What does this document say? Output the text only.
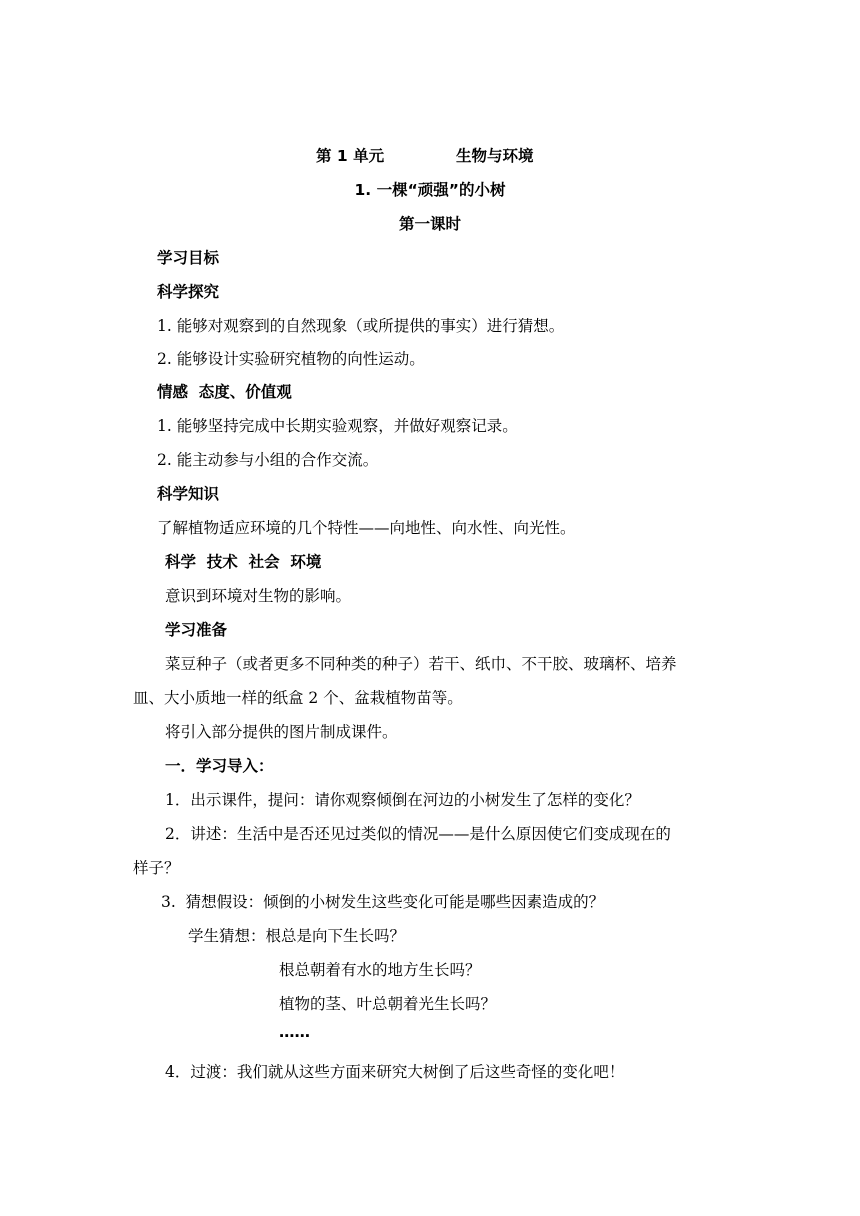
第 1 单元	生物与环境
1. 一棵“顽强”的小树
第一课时
学习目标
科学探究
1. 能够对观察到的自然现象（或所提供的事实）进行猜想。
2. 能够设计实验研究植物的向性运动。
情感  态度、价值观
1. 能够坚持完成中长期实验观察，并做好观察记录。
2. 能主动参与小组的合作交流。
科学知识
了解植物适应环境的几个特性——向地性、向水性、向光性。
科学  技术  社会  环境
意识到环境对生物的影响。
学习准备
菜豆种子（或者更多不同种类的种子）若干、纸巾、不干胶、玻璃杯、培养
皿、大小质地一样的纸盒 2 个、盆栽植物苗等。
将引入部分提供的图片制成课件。
一．学习导入：
1．出示课件，提问：请你观察倾倒在河边的小树发生了怎样的变化？
2．讲述：生活中是否还见过类似的情况——是什么原因使它们变成现在的
样子？
3.  猜想假设：倾倒的小树发生这些变化可能是哪些因素造成的？
学生猜想：根总是向下生长吗？
根总朝着有水的地方生长吗？
植物的茎、叶总朝着光生长吗？
……
4．过渡：我们就从这些方面来研究大树倒了后这些奇怪的变化吧！
